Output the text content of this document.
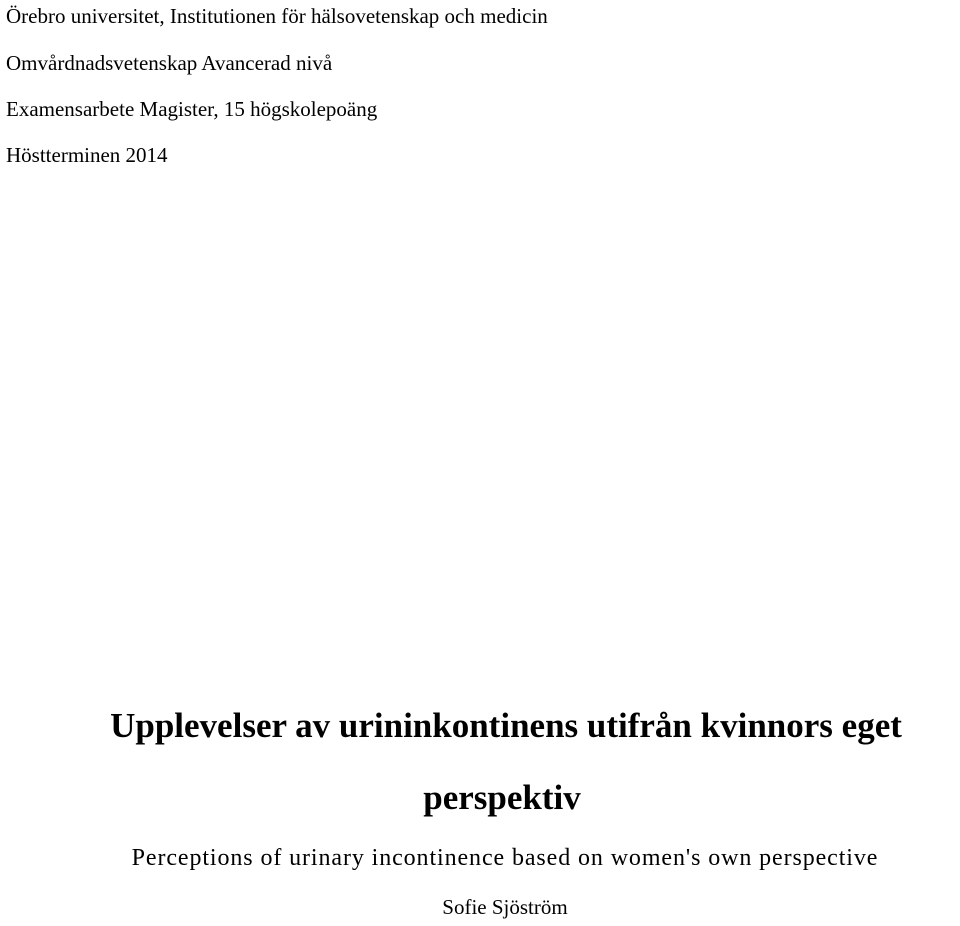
Örebro universitet, Institutionen för hälsovetenskap och medicin
Omvårdnadsvetenskap Avancerad nivå
Examensarbete Magister, 15 högskolepoäng
Höstterminen 2014
Upplevelser av urininkontinens utifrån kvinnors eget
perspektiv
Perceptions of urinary incontinence based on women's own perspective
Sofie Sjöström
